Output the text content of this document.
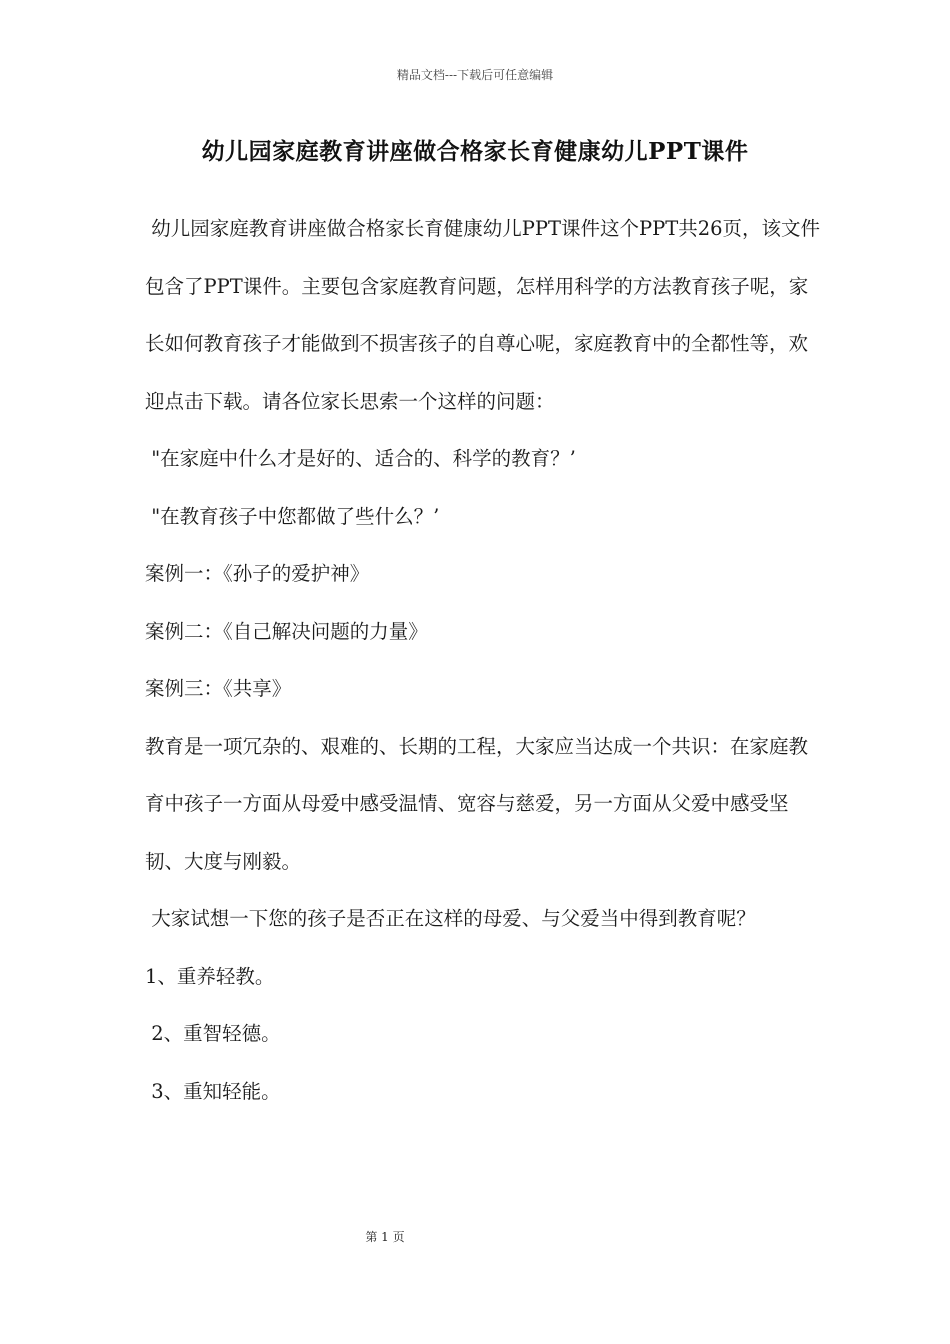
精品文档---下载后可任意编辑
幼儿园家庭教育讲座做合格家长育健康幼儿PPT课件

幼儿园家庭教育讲座做合格家长育健康幼儿PPT课件这个PPT共26页，该文件包含了PPT课件。主要包含家庭教育问题，怎样用科学的方法教育孩子呢，家长如何教育孩子才能做到不损害孩子的自尊心呢，家庭教育中的全都性等，欢迎点击下载。请各位家长思索一个这样的问题：

"在家庭中什么才是好的、适合的、科学的教育？’

"在教育孩子中您都做了些什么？’

案例一：《孙子的爱护神》

案例二：《自己解决问题的力量》

案例三：《共享》

教育是一项冗杂的、艰难的、长期的工程，大家应当达成一个共识：在家庭教育中孩子一方面从母爱中感受温情、宽容与慈爱，另一方面从父爱中感受坚韧、大度与刚毅。

大家试想一下您的孩子是否正在这样的母爱、与父爱当中得到教育呢？

1、重养轻教。

2、重智轻德。

3、重知轻能。

第 1 页
